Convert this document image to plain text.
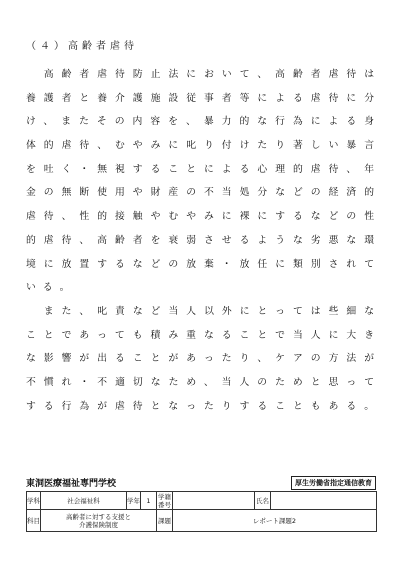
（４）高齢者虐待
　高齢者虐待防止法において、高齢者虐待は
養護者と養介護施設従事者等による虐待に分
け、またその内容を、暴力的な行為による身
体的虐待、むやみに叱り付けたり著しい暴言
を吐く・無視することによる心理的虐待、年
金の無断使用や財産の不当処分などの経済的
虐待、性的接触やむやみに裸にするなどの性
的虐待、高齢者を衰弱させるような劣悪な環
境に放置するなどの放棄・放任に類別されて
いる。
　また、叱責など当人以外にとっては些細な
ことであっても積み重なることで当人に大き
な影響が出ることがあったり、ケアの方法が
不慣れ・不適切なため、当人のためと思って
する行為が虐待となったりすることもある。
東洞医療福祉専門学校	厚生労働省指定通信教育
学科	社会福祉科	学年	1	学籍番号		氏名	
科目	高齢者に対する支援と
介護保険制度			課題	レポート課題2		
